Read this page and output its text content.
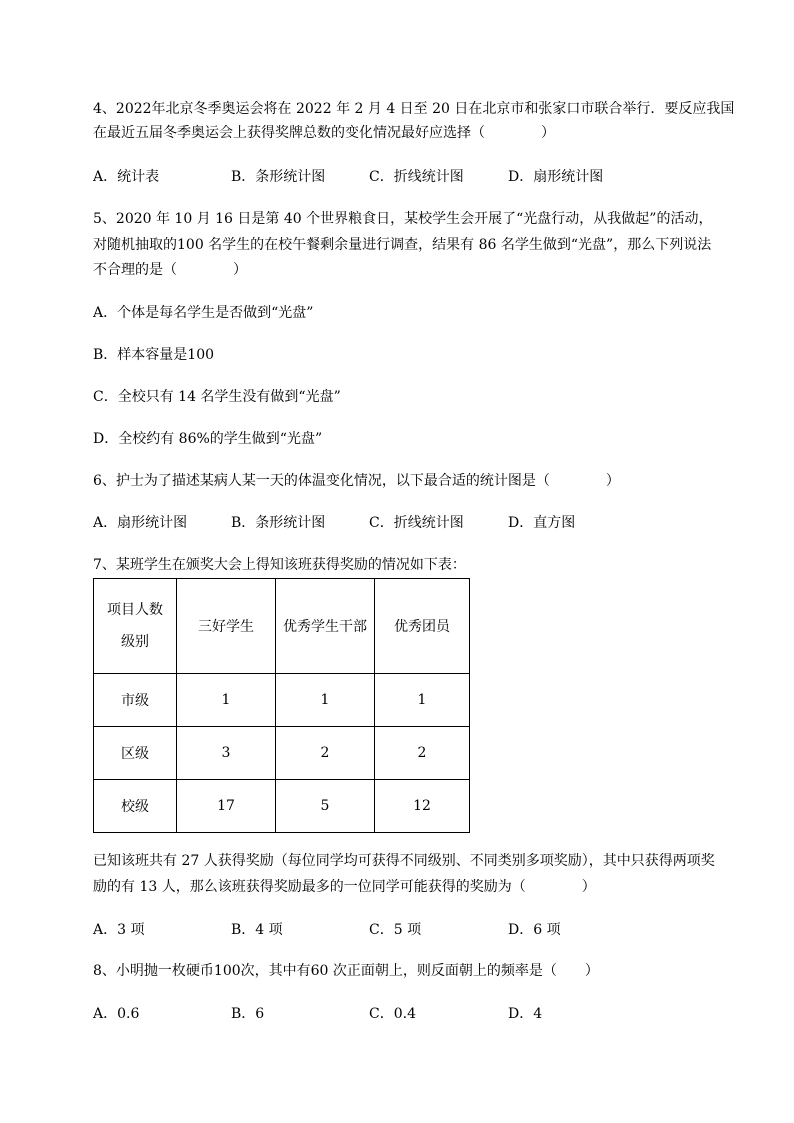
4、2022年北京冬季奥运会将在 2022 年 2 月 4 日至 20 日在北京市和张家口市联合举行．要反应我国
在最近五届冬季奥运会上获得奖牌总数的变化情况最好应选择（　　　　）
A．统计表	B．条形统计图	C．折线统计图	D．扇形统计图
5、2020 年 10 月 16 日是第 40 个世界粮食日，某校学生会开展了“光盘行动，从我做起”的活动，
对随机抽取的100 名学生的在校午餐剩余量进行调查，结果有 86 名学生做到“光盘”，那么下列说法
不合理的是（　　　　）
A．个体是每名学生是否做到“光盘”
B．样本容量是100
C．全校只有 14 名学生没有做到“光盘”
D．全校约有 86%的学生做到“光盘”
6、护士为了描述某病人某一天的体温变化情况，以下最合适的统计图是（　　　　）
A．扇形统计图	B．条形统计图	C．折线统计图	D．直方图
7、某班学生在颁奖大会上得知该班获得奖励的情况如下表：
项目人数
级别	三好学生	优秀学生干部	优秀团员
市级	1	1	1
区级	3	2	2
校级	17	5	12
已知该班共有 27 人获得奖励（每位同学均可获得不同级别、不同类别多项奖励），其中只获得两项奖
励的有 13 人，那么该班获得奖励最多的一位同学可能获得的奖励为（　　　　）
A．3 项	B．4 项	C．5 项	D．6 项
8、小明抛一枚硬币100次，其中有60 次正面朝上，则反面朝上的频率是（　　）
A．0.6	B．6	C．0.4	D．4
